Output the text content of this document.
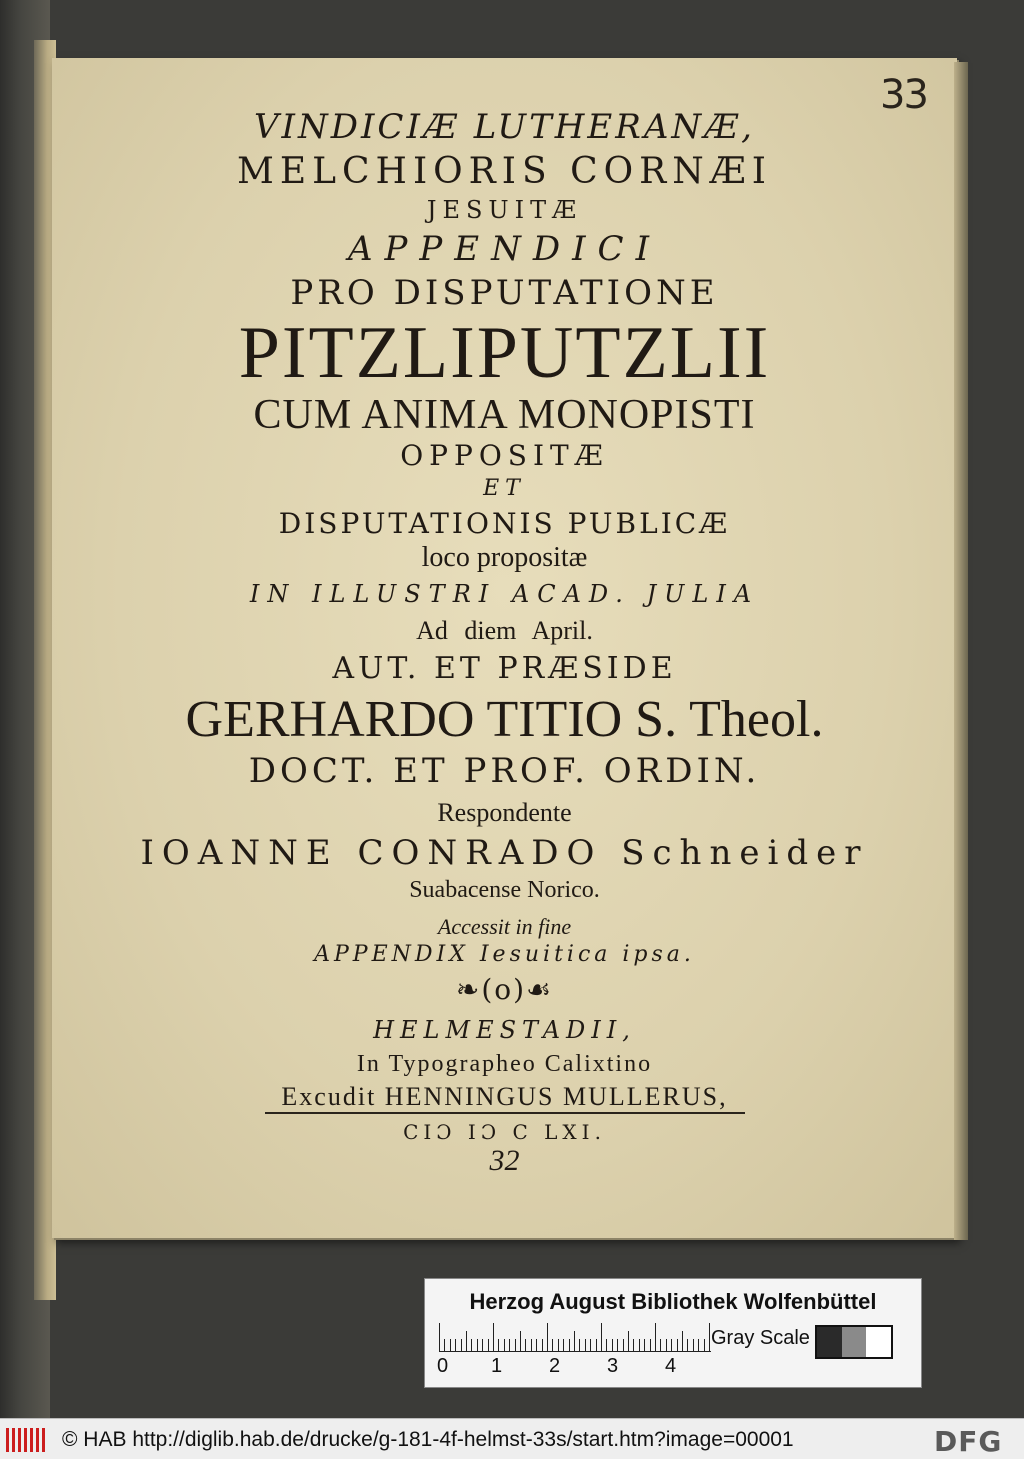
33
VINDICIÆ LUTHERANÆ,
MELCHIORIS CORNÆI
JESUITÆ
APPENDICI
PRO DISPUTATIONE
PITZLIPUTZLII
CUM ANIMA MONOPISTI
OPPOSITÆ
ET
DISPUTATIONIS PUBLICÆ
loco propositæ
IN ILLUSTRI ACAD. JULIA
Ad diem April.
AUT. ET PRÆSIDE
GERHARDO TITIO S. Theol.
DOCT. ET PROF. ORDIN.
Respondente
IOANNE CONRADO Schneider
Suabacense Norico.
Accessit in fine
APPENDIX Iesuitica ipsa.
❧(o)☙
HELMESTADII,
In Typographeo Calixtino
Excudit HENNINGUS MULLERUS,
CIƆ IƆ C LXI.
32
Herzog August Bibliothek Wolfenbüttel
0 1 2 3 4
Gray Scale
© HAB http://diglib.hab.de/drucke/g-181-4f-helmst-33s/start.htm?image=00001	DFG
